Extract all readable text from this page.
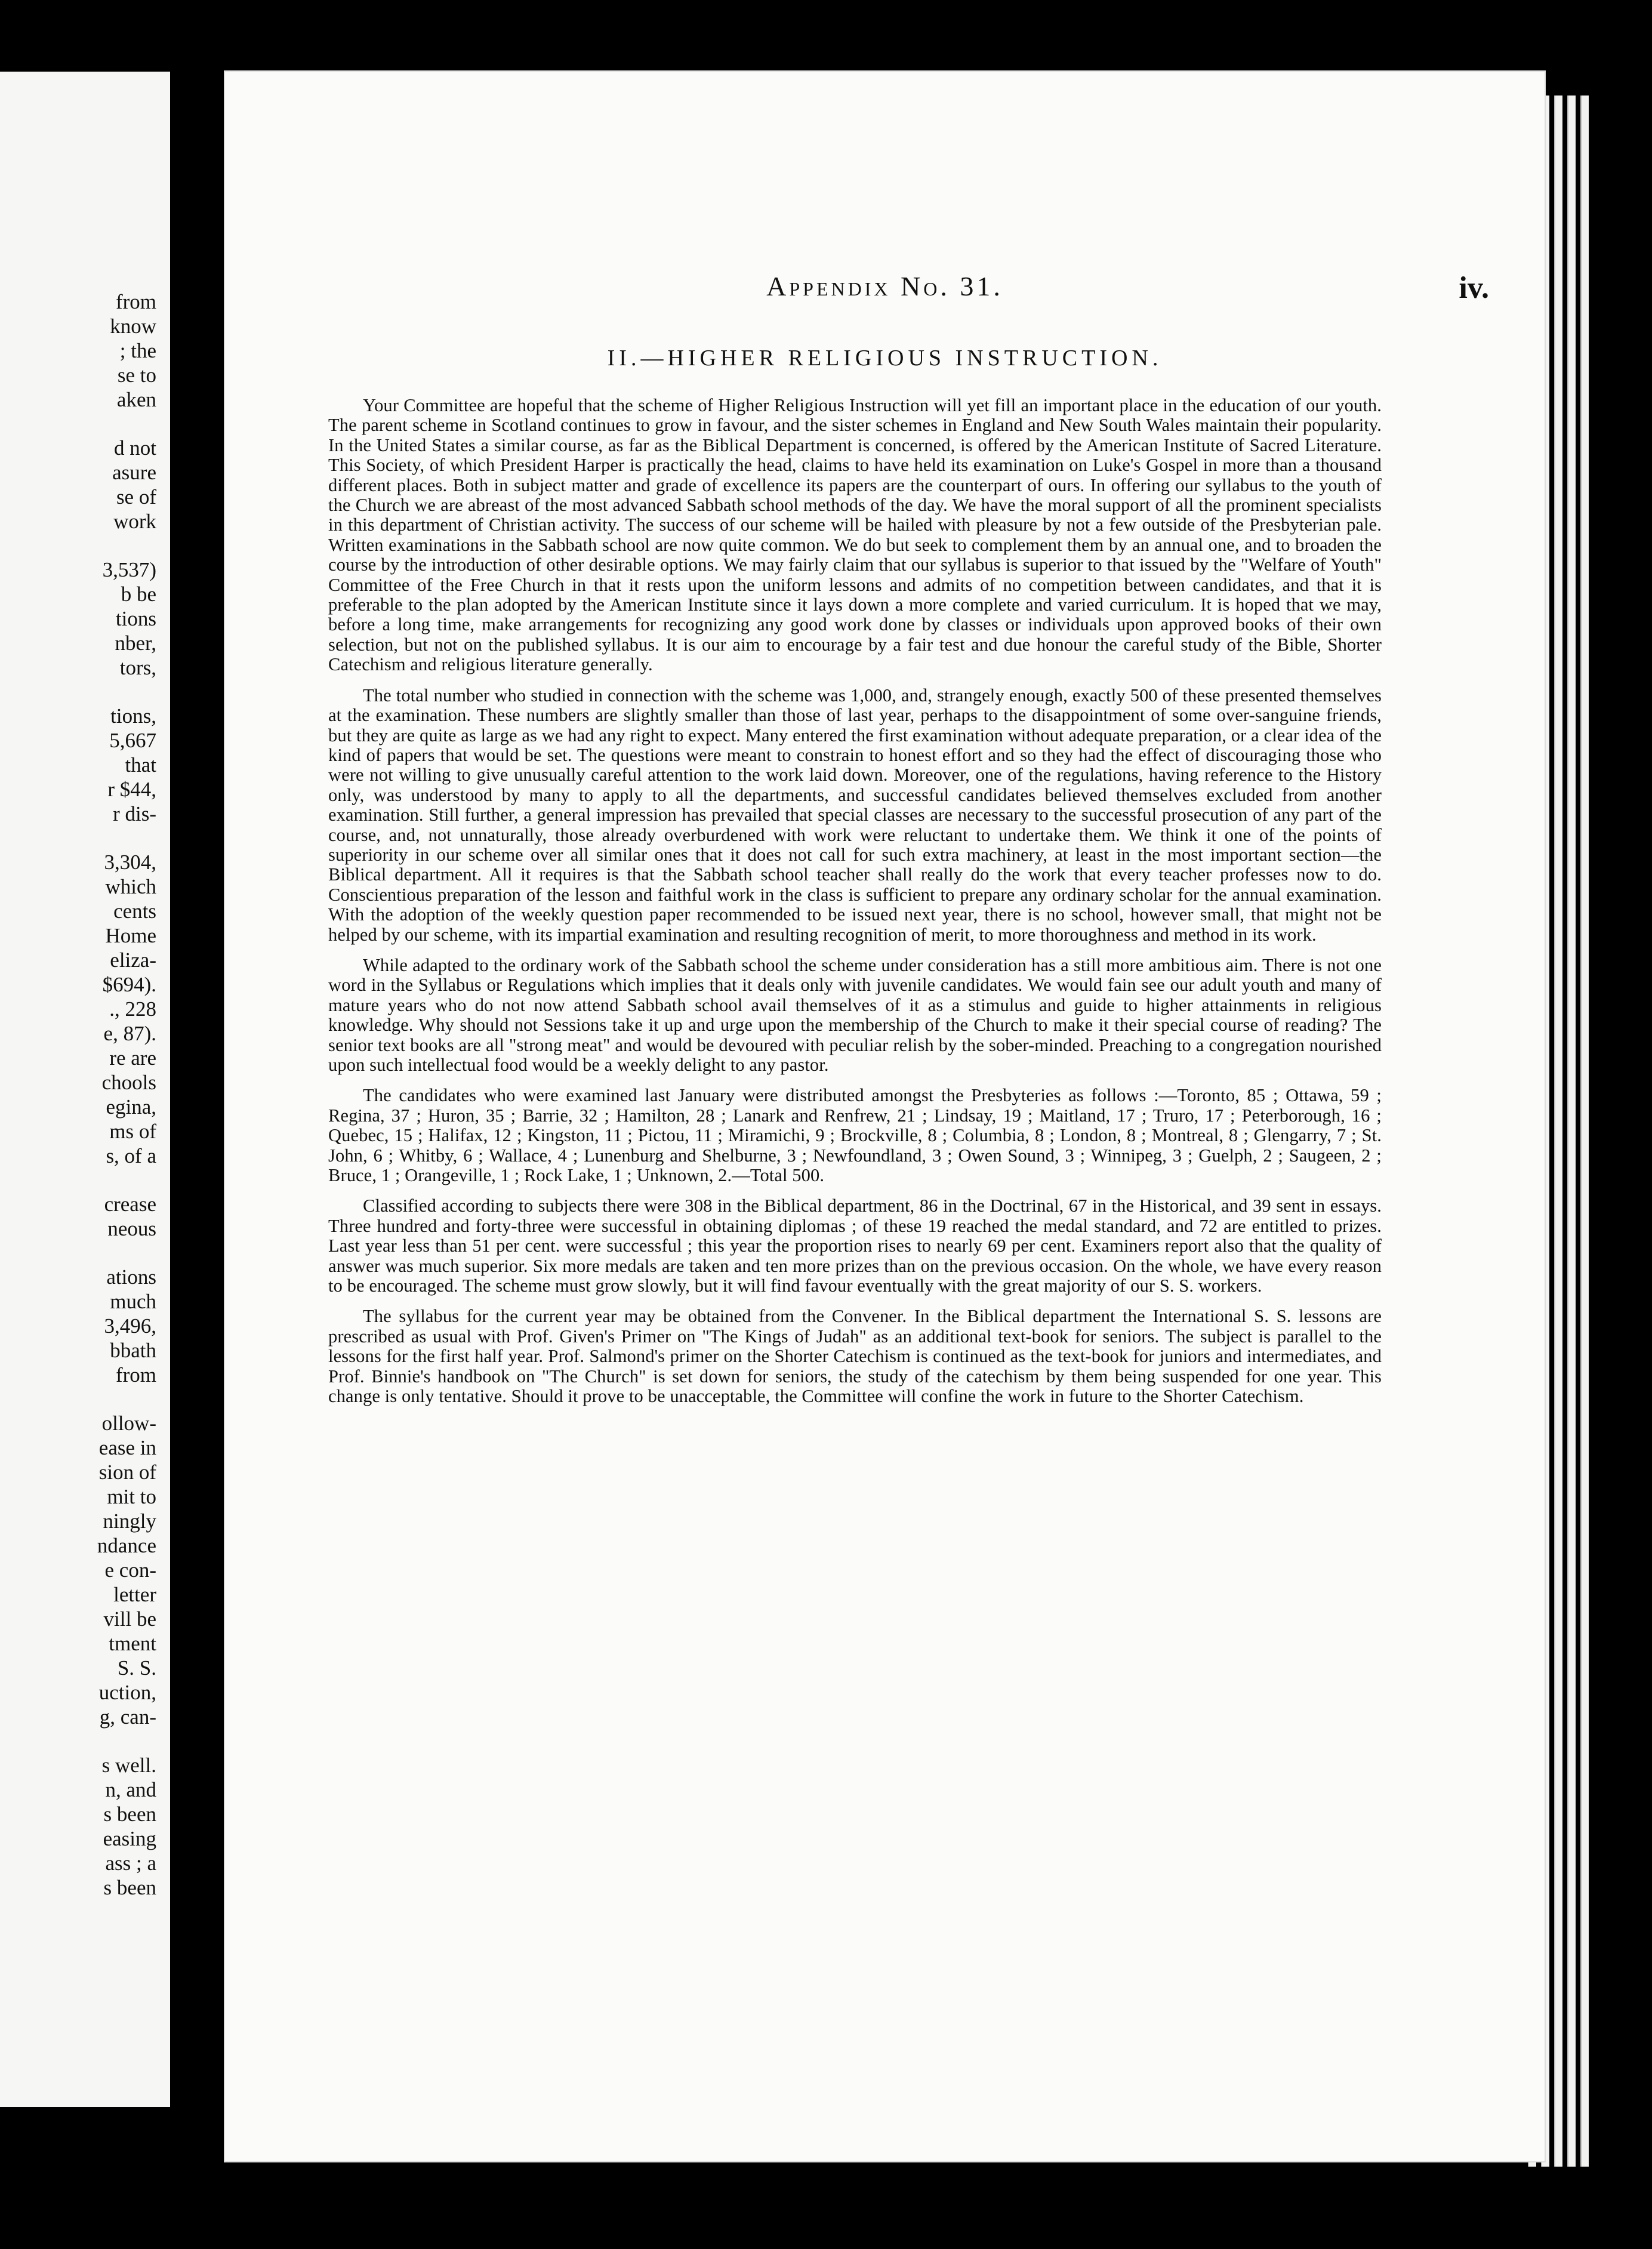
from
know
; the
se to
aken
d not
asure
se of
work
3,537)
b be
tions
nber,
tors,
tions,
5,667
that
r $44,
r dis-
3,304,
which
cents
Home
eliza-
$694).
., 228
e, 87).
re are
chools
egina,
ms of
s, of a
crease
neous
ations
much
3,496,
bbath
from
ollow-
ease in
sion of
mit to
ningly
ndance
e con-
letter
vill be
tment
S. S.
uction,
g, can-
s well.
n, and
s been
easing
ass ; a
s been
Appendix No. 31.	iv.
II.—HIGHER RELIGIOUS INSTRUCTION.

Your Committee are hopeful that the scheme of Higher Religious Instruction will yet fill an important place in the education of our youth. The parent scheme in Scotland continues to grow in favour, and the sister schemes in England and New South Wales maintain their popularity. In the United States a similar course, as far as the Biblical Department is concerned, is offered by the American Institute of Sacred Literature. This Society, of which President Harper is practically the head, claims to have held its examination on Luke's Gospel in more than a thousand different places. Both in subject matter and grade of excellence its papers are the counterpart of ours. In offering our syllabus to the youth of the Church we are abreast of the most advanced Sabbath school methods of the day. We have the moral support of all the prominent specialists in this department of Christian activity. The success of our scheme will be hailed with pleasure by not a few outside of the Presbyterian pale. Written examinations in the Sabbath school are now quite common. We do but seek to complement them by an annual one, and to broaden the course by the introduction of other desirable options. We may fairly claim that our syllabus is superior to that issued by the "Welfare of Youth" Committee of the Free Church in that it rests upon the uniform lessons and admits of no competition between candidates, and that it is preferable to the plan adopted by the American Institute since it lays down a more complete and varied curriculum. It is hoped that we may, before a long time, make arrangements for recognizing any good work done by classes or individuals upon approved books of their own selection, but not on the published syllabus. It is our aim to encourage by a fair test and due honour the careful study of the Bible, Shorter Catechism and religious literature generally.

The total number who studied in connection with the scheme was 1,000, and, strangely enough, exactly 500 of these presented themselves at the examination. These numbers are slightly smaller than those of last year, perhaps to the disappointment of some over-sanguine friends, but they are quite as large as we had any right to expect. Many entered the first examination without adequate preparation, or a clear idea of the kind of papers that would be set. The questions were meant to constrain to honest effort and so they had the effect of discouraging those who were not willing to give unusually careful attention to the work laid down. Moreover, one of the regulations, having reference to the History only, was understood by many to apply to all the departments, and successful candidates believed themselves excluded from another examination. Still further, a general impression has prevailed that special classes are necessary to the successful prosecution of any part of the course, and, not unnaturally, those already overburdened with work were reluctant to undertake them. We think it one of the points of superiority in our scheme over all similar ones that it does not call for such extra machinery, at least in the most important section—the Biblical department. All it requires is that the Sabbath school teacher shall really do the work that every teacher professes now to do. Conscientious preparation of the lesson and faithful work in the class is sufficient to prepare any ordinary scholar for the annual examination. With the adoption of the weekly question paper recommended to be issued next year, there is no school, however small, that might not be helped by our scheme, with its impartial examination and resulting recognition of merit, to more thoroughness and method in its work.

While adapted to the ordinary work of the Sabbath school the scheme under consideration has a still more ambitious aim. There is not one word in the Syllabus or Regulations which implies that it deals only with juvenile candidates. We would fain see our adult youth and many of mature years who do not now attend Sabbath school avail themselves of it as a stimulus and guide to higher attainments in religious knowledge. Why should not Sessions take it up and urge upon the membership of the Church to make it their special course of reading? The senior text books are all "strong meat" and would be devoured with peculiar relish by the sober-minded. Preaching to a congregation nourished upon such intellectual food would be a weekly delight to any pastor.

The candidates who were examined last January were distributed amongst the Presbyteries as follows :—Toronto, 85 ; Ottawa, 59 ; Regina, 37 ; Huron, 35 ; Barrie, 32 ; Hamilton, 28 ; Lanark and Renfrew, 21 ; Lindsay, 19 ; Maitland, 17 ; Truro, 17 ; Peterborough, 16 ; Quebec, 15 ; Halifax, 12 ; Kingston, 11 ; Pictou, 11 ; Miramichi, 9 ; Brockville, 8 ; Columbia, 8 ; London, 8 ; Montreal, 8 ; Glengarry, 7 ; St. John, 6 ; Whitby, 6 ; Wallace, 4 ; Lunenburg and Shelburne, 3 ; Newfoundland, 3 ; Owen Sound, 3 ; Winnipeg, 3 ; Guelph, 2 ; Saugeen, 2 ; Bruce, 1 ; Orangeville, 1 ; Rock Lake, 1 ; Unknown, 2.—Total 500.

Classified according to subjects there were 308 in the Biblical department, 86 in the Doctrinal, 67 in the Historical, and 39 sent in essays. Three hundred and forty-three were successful in obtaining diplomas ; of these 19 reached the medal standard, and 72 are entitled to prizes. Last year less than 51 per cent. were successful ; this year the proportion rises to nearly 69 per cent. Examiners report also that the quality of answer was much superior. Six more medals are taken and ten more prizes than on the previous occasion. On the whole, we have every reason to be encouraged. The scheme must grow slowly, but it will find favour eventually with the great majority of our S. S. workers.

The syllabus for the current year may be obtained from the Convener. In the Biblical department the International S. S. lessons are prescribed as usual with Prof. Given's Primer on "The Kings of Judah" as an additional text-book for seniors. The subject is parallel to the lessons for the first half year. Prof. Salmond's primer on the Shorter Catechism is continued as the text-book for juniors and intermediates, and Prof. Binnie's handbook on "The Church" is set down for seniors, the study of the catechism by them being suspended for one year. This change is only tentative. Should it prove to be unacceptable, the Committee will confine the work in future to the Shorter Catechism.
